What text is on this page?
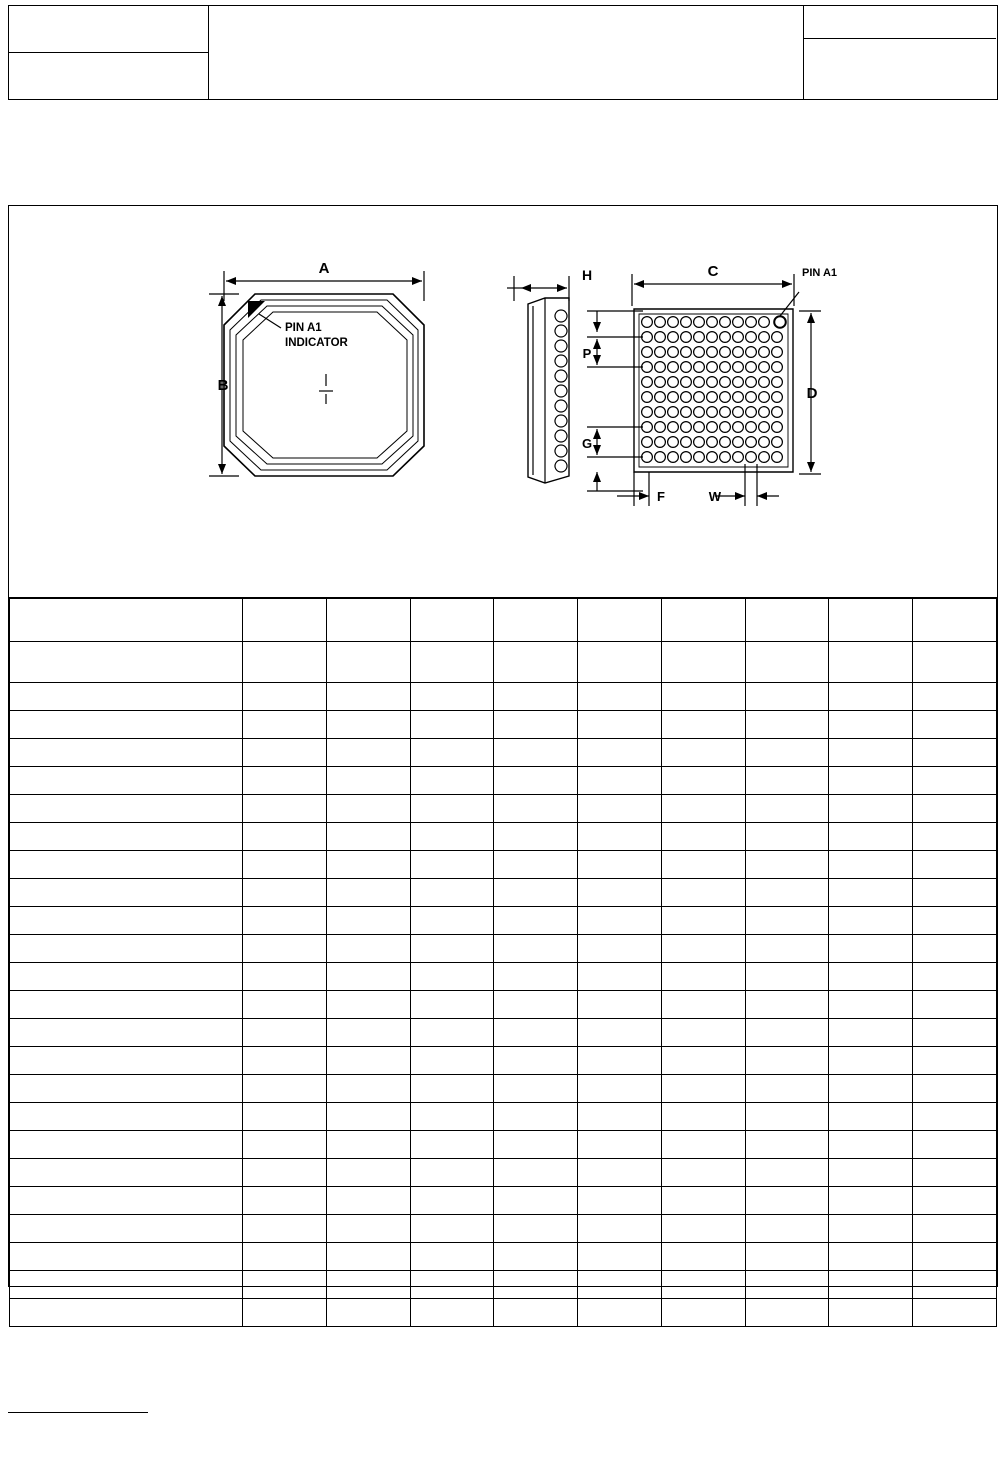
A
B
PIN A1
INDICATOR
H	C	PIN A1
D
P
G
F	W
